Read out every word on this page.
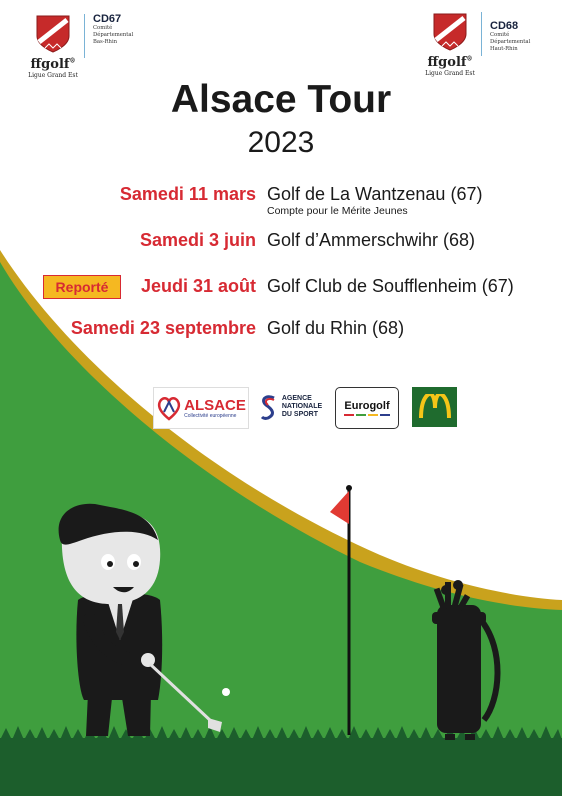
ffgolf®
Ligue Grand Est
CD67
Comité
Départemental
Bas-Rhin
ffgolf®
Ligue Grand Est
CD68
Comité
Départemental
Haut-Rhin
Alsace Tour
2023
Samedi 11 mars Golf de La Wantzenau (67)
Compte pour le Mérite Jeunes
Samedi 3 juin Golf d’Ammerschwihr (68)
Reporté	Jeudi 31 août Golf Club de Soufflenheim (67)
Samedi 23 septembre Golf du Rhin (68)
ALSACE
Collectivité européenne
AGENCE
NATIONALE
DU SPORT
Eurogolf
